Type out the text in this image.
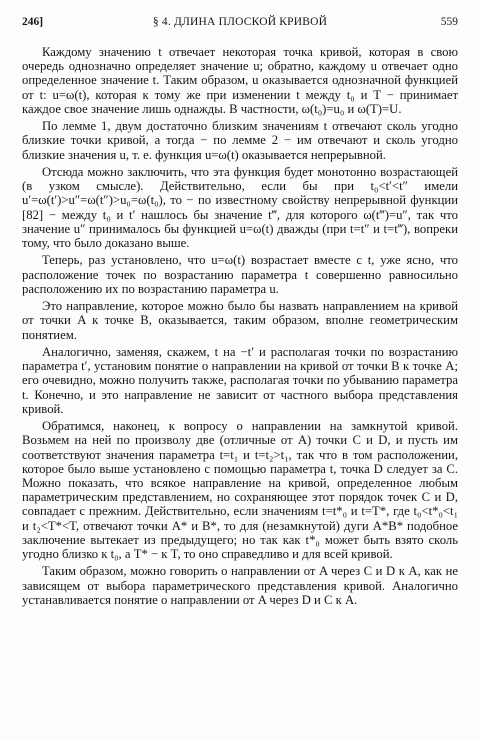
246]	§ 4. ДЛИНА ПЛОСКОЙ КРИВОЙ	559

Каждому значению t отвечает некоторая точка кривой, которая в свою очередь однозначно определяет значение u; обратно, каждому u отвечает одно определенное значение t. Таким образом, u оказывается однозначной функцией от t: u=ω(t), которая к тому же при изменении t между t₀ и T − принимает каждое свое значение лишь однажды. В частности, ω(t₀)=u₀ и ω(T)=U.

По лемме 1, двум достаточно близким значениям t отвечают сколь угодно близкие точки кривой, а тогда − по лемме 2 − им отвечают и сколь угодно близкие значения u, т. е. функция u=ω(t) оказывается непрерывной.

Отсюда можно заключить, что эта функция будет монотонно возрастающей (в узком смысле). Действительно, если бы при t₀<t′<t″ имели u′=ω(t′)>u″=ω(t″)>u₀=ω(t₀), то − по известному свойству непрерывной функции [82] − между t₀ и t′ нашлось бы значение t‴, для которого ω(t‴)=u″, так что значение u″ принималось бы функцией u=ω(t) дважды (при t=t″ и t=t‴), вопреки тому, что было доказано выше.

Теперь, раз установлено, что u=ω(t) возрастает вместе с t, уже ясно, что расположение точек по возрастанию параметра t совершенно равносильно расположению их по возрастанию параметра u.

Это направление, которое можно было бы назвать направлением на кривой от точки A к точке B, оказывается, таким образом, вполне геометрическим понятием.

Аналогично, заменяя, скажем, t на −t′ и располагая точки по возрастанию параметра t′, установим понятие о направлении на кривой от точки B к точке A; его очевидно, можно получить также, располагая точки по убыванию параметра t. Конечно, и это направление не зависит от частного выбора представления кривой.

Обратимся, наконец, к вопросу о направлении на замкнутой кривой. Возьмем на ней по произволу две (отличные от A) точки C и D, и пусть им соответствуют значения параметра t=t₁ и t=t₂>t₁, так что в том расположении, которое было выше установлено с помощью параметра t, точка D следует за C. Можно показать, что всякое направление на кривой, определенное любым параметрическим представлением, но сохраняющее этот порядок точек C и D, совпадает с прежним. Действительно, если значениям t=t*₀ и t=T*, где t₀<t*₀<t₁ и t₂<T*<T, отвечают точки A* и B*, то для (незамкнутой) дуги A*B* подобное заключение вытекает из предыдущего; но так как t*₀ может быть взято сколь угодно близко к t₀, а T* − к T, то оно справедливо и для всей кривой.

Таким образом, можно говорить о направлении от A через C и D к A, как не зависящем от выбора параметрического представления кривой. Аналогично устанавливается понятие о направлении от A через D и C к A.
